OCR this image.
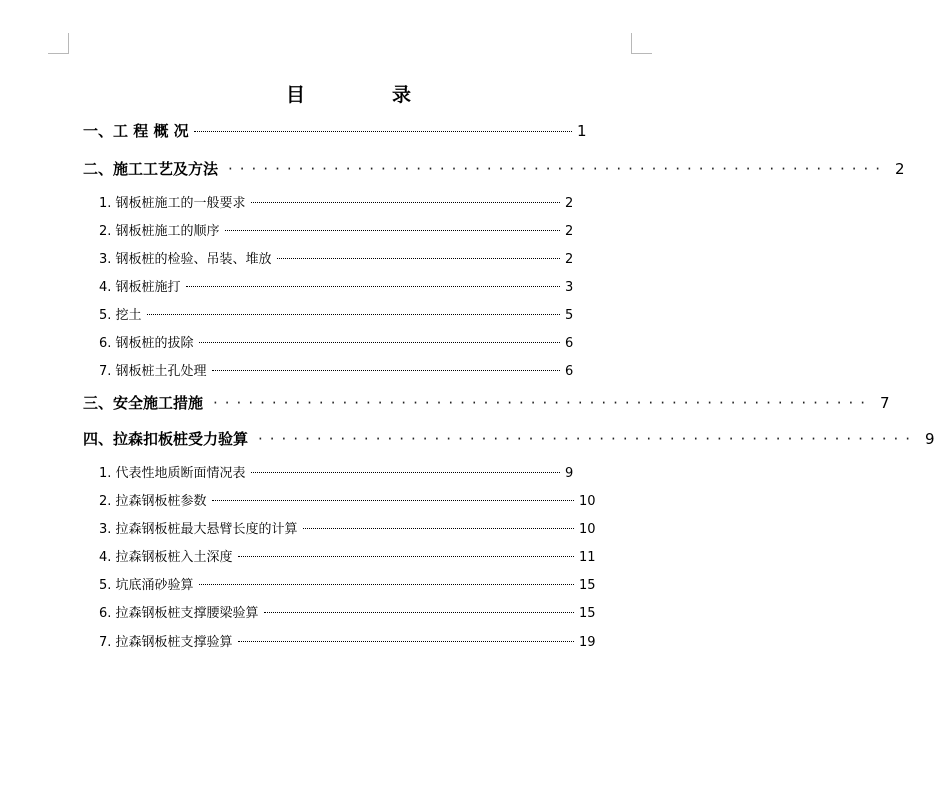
目　录
一、工 程 概 况	1
二、施工工艺及方法 ························································ 2
1. 钢板桩施工的一般要求	2
2. 钢板桩施工的顺序	2
3. 钢板桩的检验、吊装、堆放	2
4. 钢板桩施打	3
5. 挖土	5
6. 钢板桩的拔除	6
7. 钢板桩土孔处理	6
三、安全施工措施 ························································ 7
四、拉森扣板桩受力验算 ························································ 9
1. 代表性地质断面情况表	9
2. 拉森钢板桩参数	10
3. 拉森钢板桩最大悬臂长度的计算	10
4. 拉森钢板桩入土深度	11
5. 坑底涌砂验算	15
6. 拉森钢板桩支撑腰梁验算	15
7. 拉森钢板桩支撑验算	19
